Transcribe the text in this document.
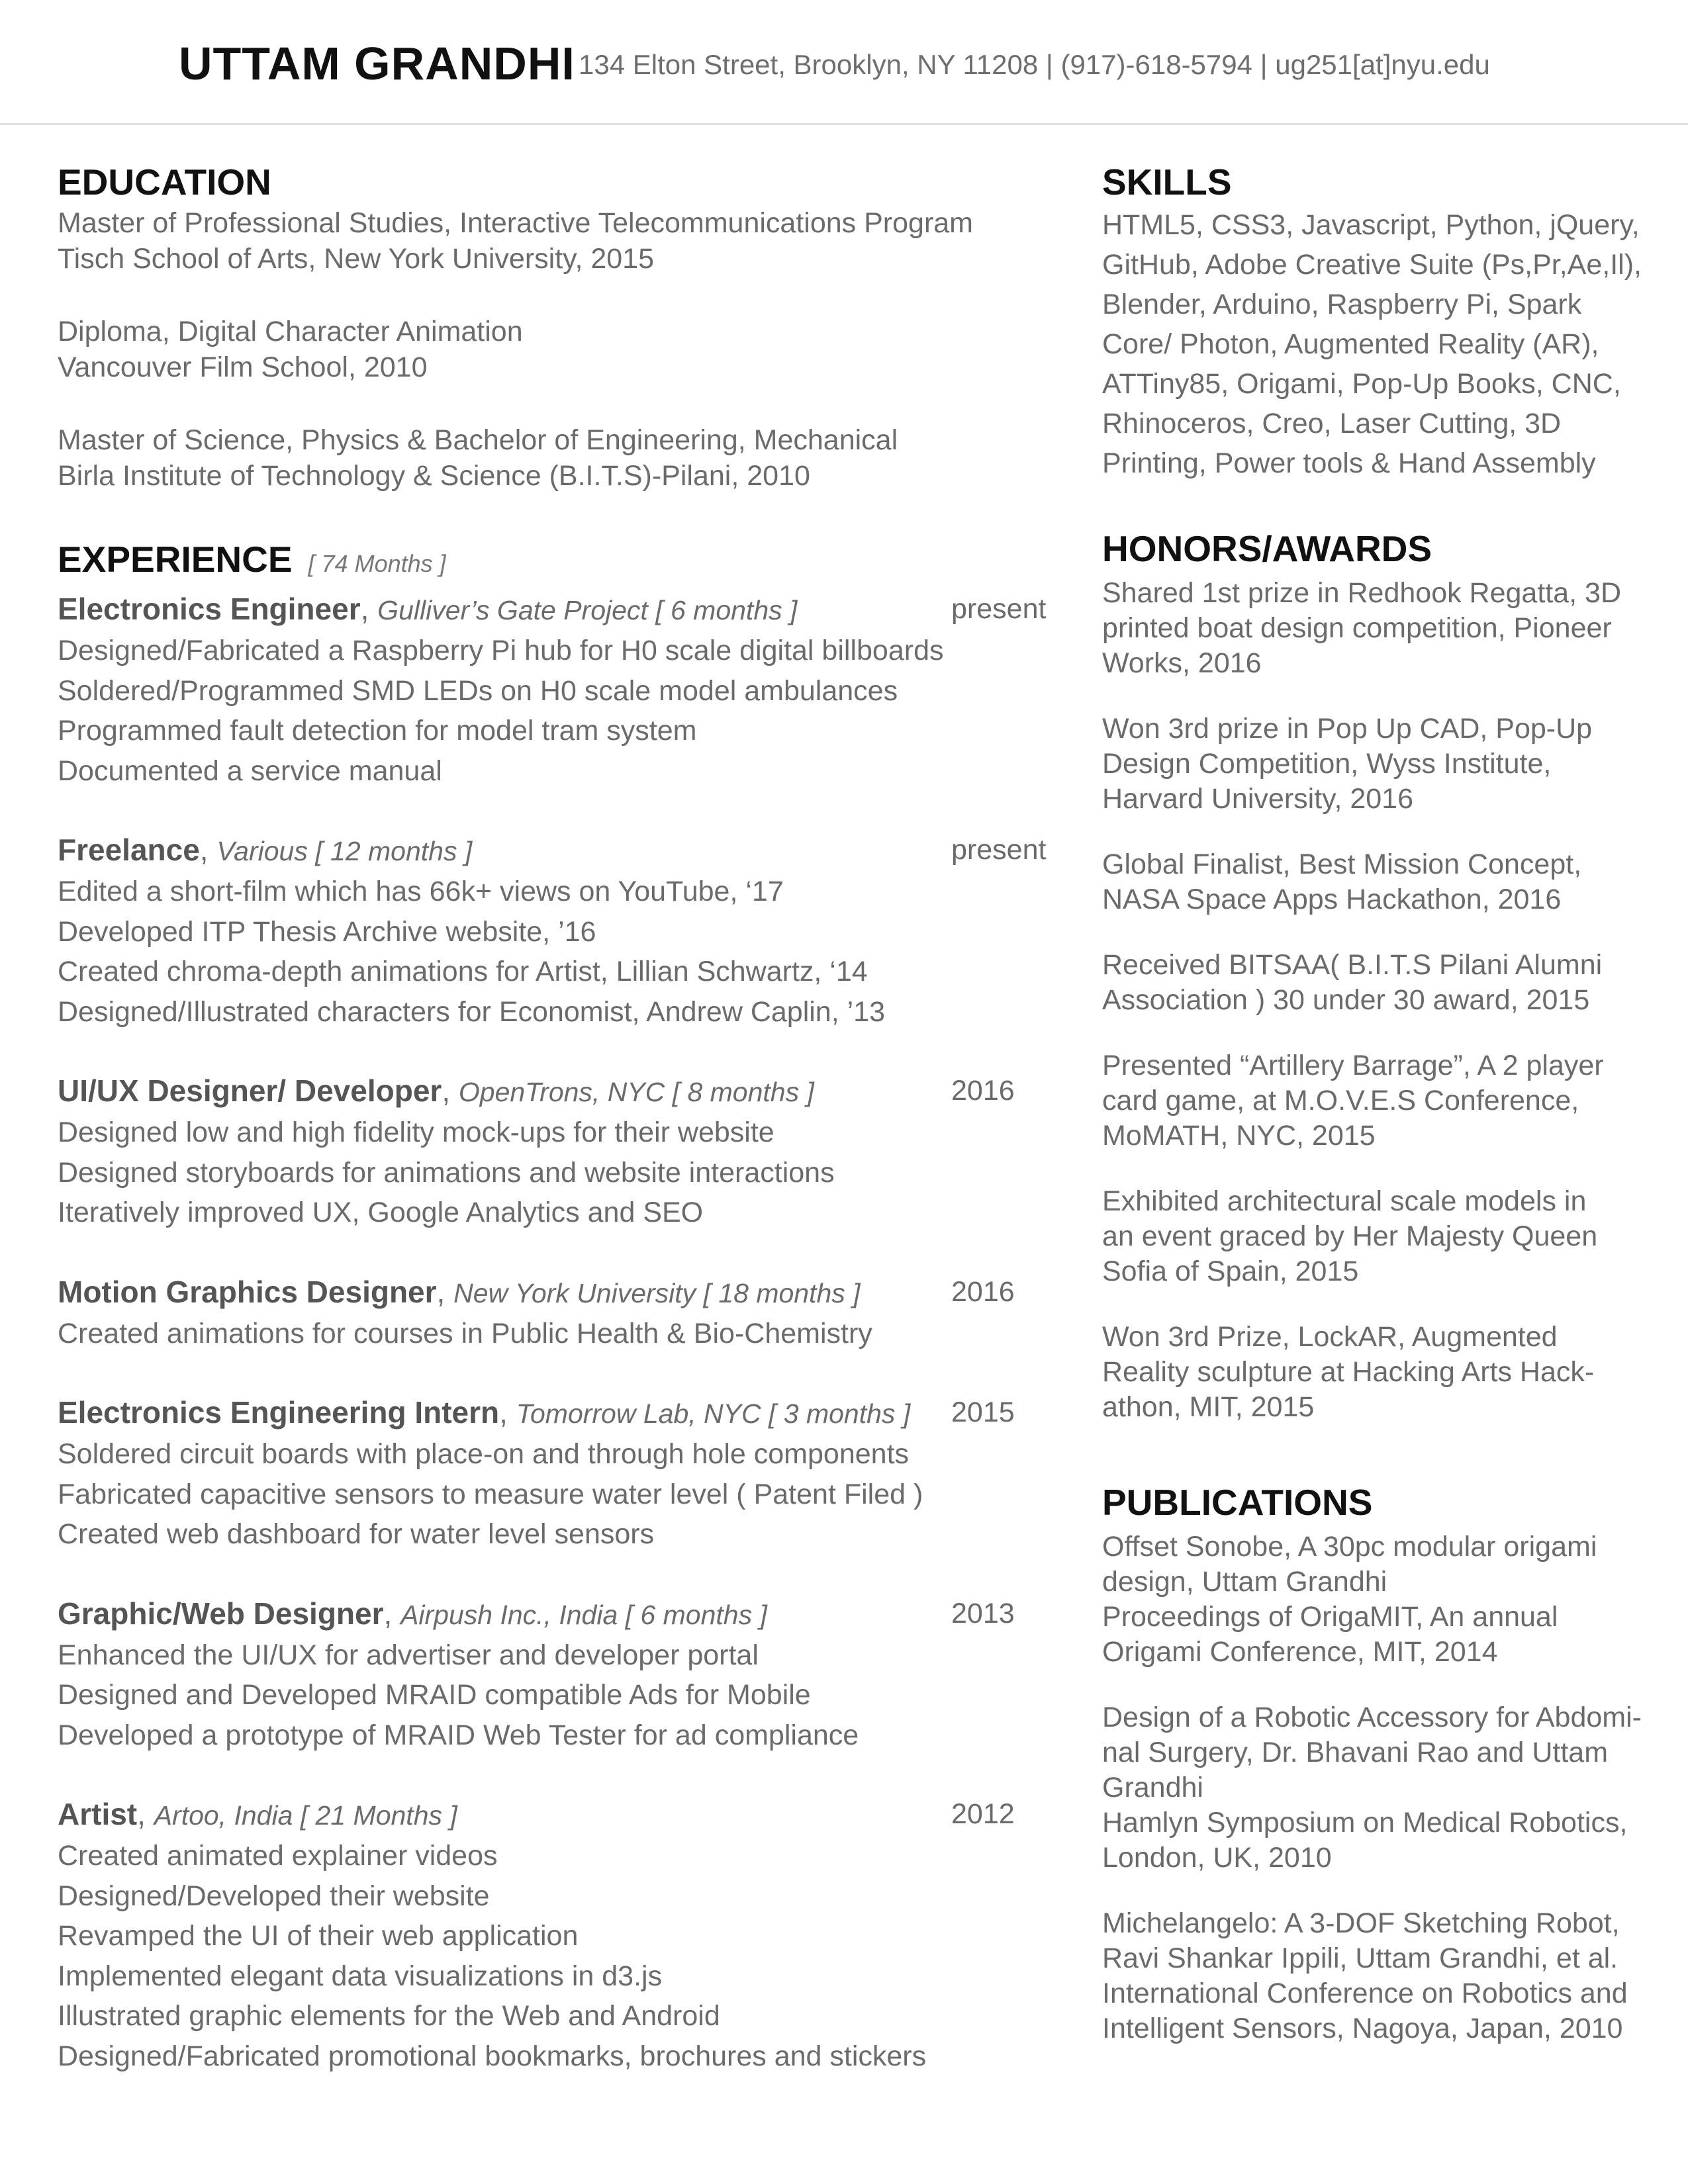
UTTAM GRANDHI 134 Elton Street, Brooklyn, NY 11208 | (917)-618-5794 | ug251[at]nyu.edu
EDUCATION

Master of Professional Studies, Interactive Telecommunications Program

Tisch School of Arts, New York University, 2015

Diploma, Digital Character Animation

Vancouver Film School, 2010

Master of Science, Physics & Bachelor of Engineering, Mechanical

Birla Institute of Technology & Science (B.I.T.S)-Pilani, 2010

EXPERIENCE [ 74 Months ]

Electronics Engineer, Gulliver’s Gate Project [ 6 months ]	present

Designed/Fabricated a Raspberry Pi hub for H0 scale digital billboards

Soldered/Programmed SMD LEDs on H0 scale model ambulances

Programmed fault detection for model tram system

Documented a service manual

Freelance, Various [ 12 months ]	present

Edited a short-film which has 66k+ views on YouTube, ‘17

Developed ITP Thesis Archive website, ’16

Created chroma-depth animations for Artist, Lillian Schwartz, ‘14

Designed/Illustrated characters for Economist, Andrew Caplin, ’13

UI/UX Designer/ Developer, OpenTrons, NYC [ 8 months ]	2016

Designed low and high fidelity mock-ups for their website

Designed storyboards for animations and website interactions

Iteratively improved UX, Google Analytics and SEO

Motion Graphics Designer, New York University [ 18 months ]	2016

Created animations for courses in Public Health & Bio-Chemistry

Electronics Engineering Intern, Tomorrow Lab, NYC [ 3 months ]	2015

Soldered circuit boards with place-on and through hole components

Fabricated capacitive sensors to measure water level ( Patent Filed )

Created web dashboard for water level sensors

Graphic/Web Designer, Airpush Inc., India [ 6 months ]	2013

Enhanced the UI/UX for advertiser and developer portal

Designed and Developed MRAID compatible Ads for Mobile

Developed a prototype of MRAID Web Tester for ad compliance

Artist, Artoo, India [ 21 Months ]	2012

Created animated explainer videos

Designed/Developed their website

Revamped the UI of their web application

Implemented elegant data visualizations in d3.js

Illustrated graphic elements for the Web and Android

Designed/Fabricated promotional bookmarks, brochures and stickers

SKILLS

HTML5, CSS3, Javascript, Python, jQuery,

GitHub, Adobe Creative Suite (Ps,Pr,Ae,Il),

Blender, Arduino, Raspberry Pi, Spark

Core/ Photon, Augmented Reality (AR),

ATTiny85, Origami, Pop-Up Books, CNC,

Rhinoceros, Creo, Laser Cutting, 3D

Printing, Power tools & Hand Assembly

HONORS/AWARDS

Shared 1st prize in Redhook Regatta, 3D
printed boat design competition, Pioneer
Works, 2016

Won 3rd prize in Pop Up CAD, Pop-Up
Design Competition, Wyss Institute,
Harvard University, 2016

Global Finalist, Best Mission Concept,
NASA Space Apps Hackathon, 2016

Received BITSAA( B.I.T.S Pilani Alumni
Association ) 30 under 30 award, 2015

Presented “Artillery Barrage”, A 2 player
card game, at M.O.V.E.S Conference,
MoMATH, NYC, 2015

Exhibited architectural scale models in
an event graced by Her Majesty Queen
Sofia of Spain, 2015

Won 3rd Prize, LockAR, Augmented
Reality sculpture at Hacking Arts Hack-
athon, MIT, 2015

PUBLICATIONS

Offset Sonobe, A 30pc modular origami
design, Uttam Grandhi
Proceedings of OrigaMIT, An annual
Origami Conference, MIT, 2014

Design of a Robotic Accessory for Abdomi-
nal Surgery, Dr. Bhavani Rao and Uttam
Grandhi
Hamlyn Symposium on Medical Robotics,
London, UK, 2010

Michelangelo: A 3-DOF Sketching Robot,
Ravi Shankar Ippili, Uttam Grandhi, et al.
International Conference on Robotics and
Intelligent Sensors, Nagoya, Japan, 2010
